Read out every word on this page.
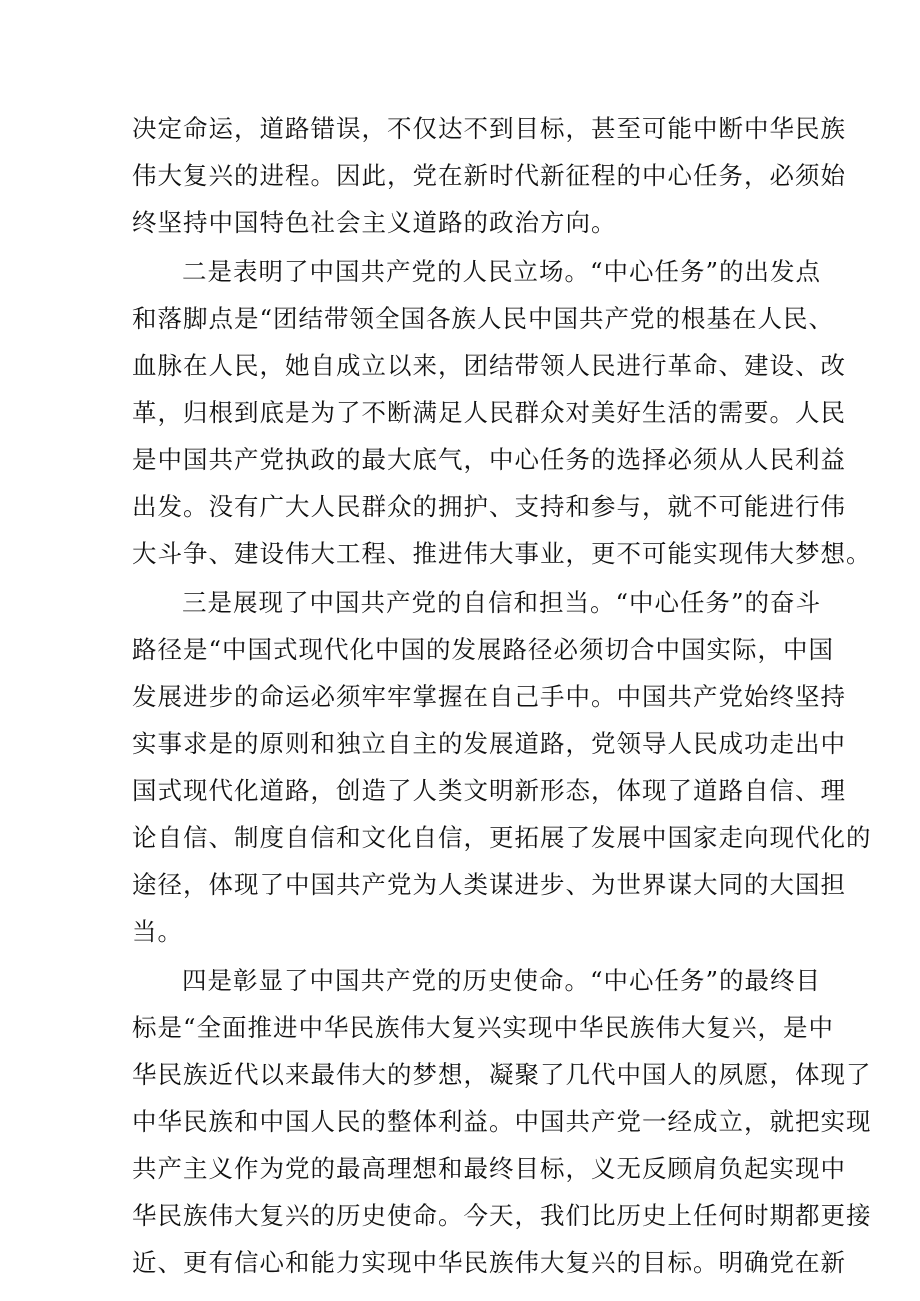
决定命运，道路错误，不仅达不到目标，甚至可能中断中华民族
伟大复兴的进程。因此，党在新时代新征程的中心任务，必须始
终坚持中国特色社会主义道路的政治方向。
二是表明了中国共产党的人民立场。“中心任务”的出发点
和落脚点是“团结带领全国各族人民中国共产党的根基在人民、
血脉在人民，她自成立以来，团结带领人民进行革命、建设、改
革，归根到底是为了不断满足人民群众对美好生活的需要。人民
是中国共产党执政的最大底气，中心任务的选择必须从人民利益
出发。没有广大人民群众的拥护、支持和参与，就不可能进行伟
大斗争、建设伟大工程、推进伟大事业，更不可能实现伟大梦想。
三是展现了中国共产党的自信和担当。“中心任务”的奋斗
路径是“中国式现代化中国的发展路径必须切合中国实际，中国
发展进步的命运必须牢牢掌握在自己手中。中国共产党始终坚持
实事求是的原则和独立自主的发展道路，党领导人民成功走出中
国式现代化道路，创造了人类文明新形态，体现了道路自信、理
论自信、制度自信和文化自信，更拓展了发展中国家走向现代化的
途径，体现了中国共产党为人类谋进步、为世界谋大同的大国担
当。
四是彰显了中国共产党的历史使命。“中心任务”的最终目
标是“全面推进中华民族伟大复兴实现中华民族伟大复兴，是中
华民族近代以来最伟大的梦想，凝聚了几代中国人的夙愿，体现了
中华民族和中国人民的整体利益。中国共产党一经成立，就把实现
共产主义作为党的最高理想和最终目标，义无反顾肩负起实现中
华民族伟大复兴的历史使命。今天，我们比历史上任何时期都更接
近、更有信心和能力实现中华民族伟大复兴的目标。明确党在新
